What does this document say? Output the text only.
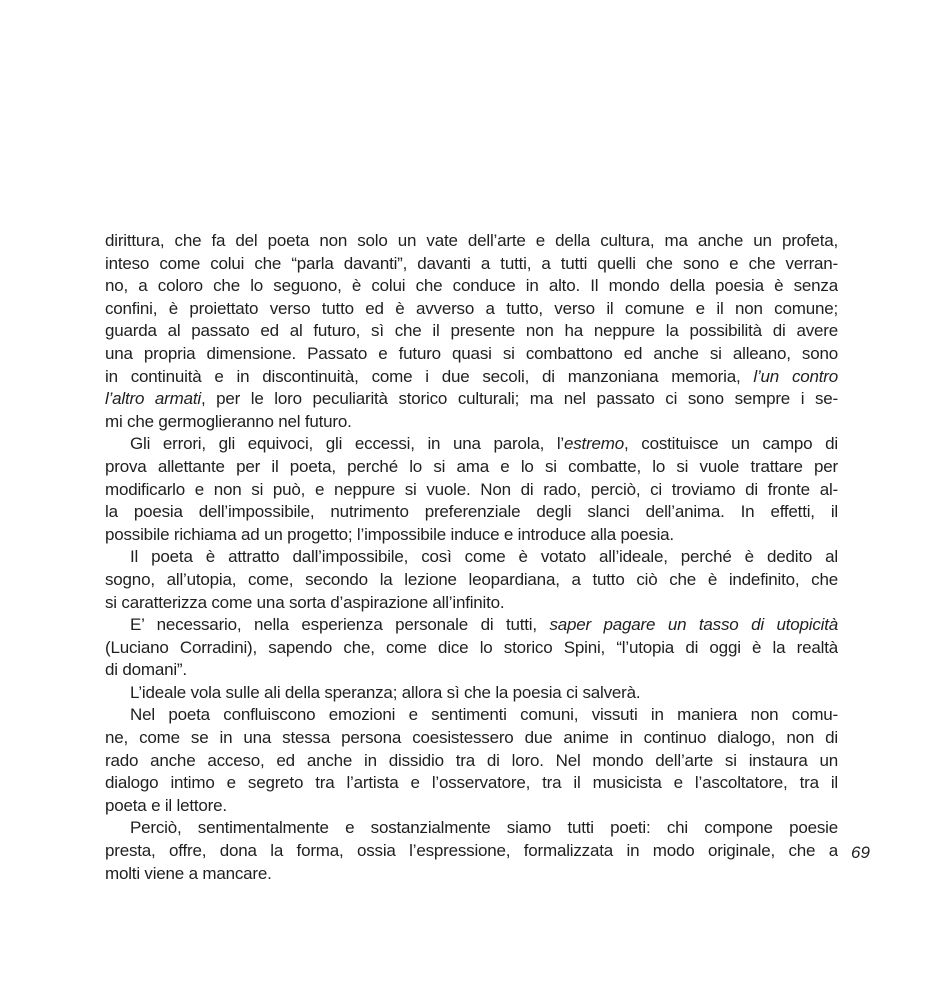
dirittura, che fa del poeta non solo un vate dell’arte e della cultura, ma anche un profeta,
inteso come colui che “parla davanti”, davanti a tutti, a tutti quelli che sono e che verran-
no, a coloro che lo seguono, è colui che conduce in alto. Il mondo della poesia è senza
confini, è proiettato verso tutto ed è avverso a tutto, verso il comune e il non comune;
guarda al passato ed al futuro, sì che il presente non ha neppure la possibilità di avere
una propria dimensione. Passato e futuro quasi si combattono ed anche si alleano, sono
in continuità e in discontinuità, come i due secoli, di manzoniana memoria, l’un contro
l’altro armati, per le loro peculiarità storico culturali; ma nel passato ci sono sempre i se-
mi che germoglieranno nel futuro.
Gli errori, gli equivoci, gli eccessi, in una parola, l’estremo, costituisce un campo di
prova allettante per il poeta, perché lo si ama e lo si combatte, lo si vuole trattare per
modificarlo e non si può, e neppure si vuole. Non di rado, perciò, ci troviamo di fronte al-
la poesia dell’impossibile, nutrimento preferenziale degli slanci dell’anima. In effetti, il
possibile richiama ad un progetto; l’impossibile induce e introduce alla poesia.
Il poeta è attratto dall’impossibile, così come è votato all’ideale, perché è dedito al
sogno, all’utopia, come, secondo la lezione leopardiana, a tutto ciò che è indefinito, che
si caratterizza come una sorta d’aspirazione all’infinito.
E’ necessario, nella esperienza personale di tutti, saper pagare un tasso di utopicità
(Luciano Corradini), sapendo che, come dice lo storico Spini, “l’utopia di oggi è la realtà
di domani”.
L’ideale vola sulle ali della speranza; allora sì che la poesia ci salverà.
Nel poeta confluiscono emozioni e sentimenti comuni, vissuti in maniera non comu-
ne, come se in una stessa persona coesistessero due anime in continuo dialogo, non di
rado anche acceso, ed anche in dissidio tra di loro. Nel mondo dell’arte si instaura un
dialogo intimo e segreto tra l’artista e l’osservatore, tra il musicista e l’ascoltatore, tra il
poeta e il lettore.
Perciò, sentimentalmente e sostanzialmente siamo tutti poeti: chi compone poesie
presta, offre, dona la forma, ossia l’espressione, formalizzata in modo originale, che a
molti viene a mancare.
69
